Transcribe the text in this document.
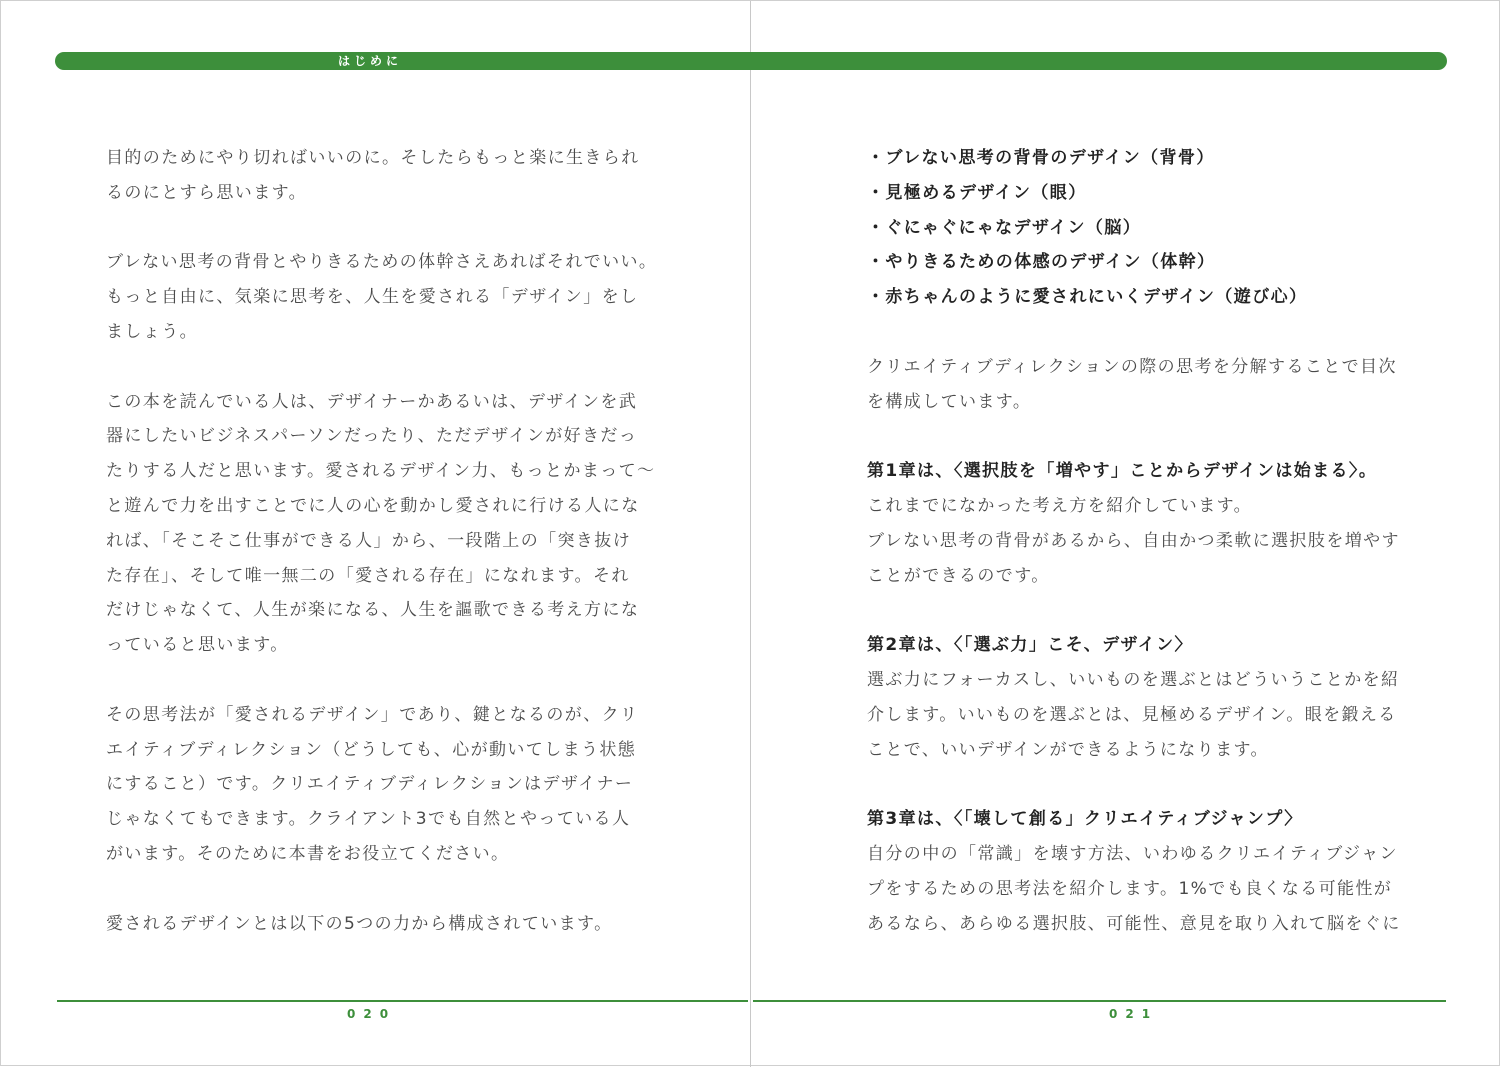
はじめに
目的のためにやり切ればいいのに。そしたらもっと楽に生きられ
るのにとすら思います。
ブレない思考の背骨とやりきるための体幹さえあればそれでいい。
もっと自由に、気楽に思考を、人生を愛される「デザイン」をし
ましょう。
この本を読んでいる人は、デザイナーかあるいは、デザインを武
器にしたいビジネスパーソンだったり、ただデザインが好きだっ
たりする人だと思います。愛されるデザイン力、もっとかまって〜
と遊んで力を出すことでに人の心を動かし愛されに行ける人にな
れば、「そこそこ仕事ができる人」から、一段階上の「突き抜け
た存在」、そして唯一無二の「愛される存在」になれます。それ
だけじゃなくて、人生が楽になる、人生を謳歌できる考え方にな
っていると思います。
その思考法が「愛されるデザイン」であり、鍵となるのが、クリ
エイティブディレクション（どうしても、心が動いてしまう状態
にすること）です。クリエイティブディレクションはデザイナー
じゃなくてもできます。クライアント3でも自然とやっている人
がいます。そのために本書をお役立てください。
愛されるデザインとは以下の5つの力から構成されています。
・ブレない思考の背骨のデザイン（背骨）
・見極めるデザイン（眼）
・ぐにゃぐにゃなデザイン（脳）
・やりきるための体感のデザイン（体幹）
・赤ちゃんのように愛されにいくデザイン（遊び心）
クリエイティブディレクションの際の思考を分解することで目次
を構成しています。
第1章は、〈選択肢を「増やす」ことからデザインは始まる〉。
これまでになかった考え方を紹介しています。
ブレない思考の背骨があるから、自由かつ柔軟に選択肢を増やす
ことができるのです。
第2章は、〈「選ぶ力」こそ、デザイン〉
選ぶ力にフォーカスし、いいものを選ぶとはどういうことかを紹
介します。いいものを選ぶとは、見極めるデザイン。眼を鍛える
ことで、いいデザインができるようになります。
第3章は、〈「壊して創る」クリエイティブジャンプ〉
自分の中の「常識」を壊す方法、いわゆるクリエイティブジャン
プをするための思考法を紹介します。1%でも良くなる可能性が
あるなら、あらゆる選択肢、可能性、意見を取り入れて脳をぐに
020	021
